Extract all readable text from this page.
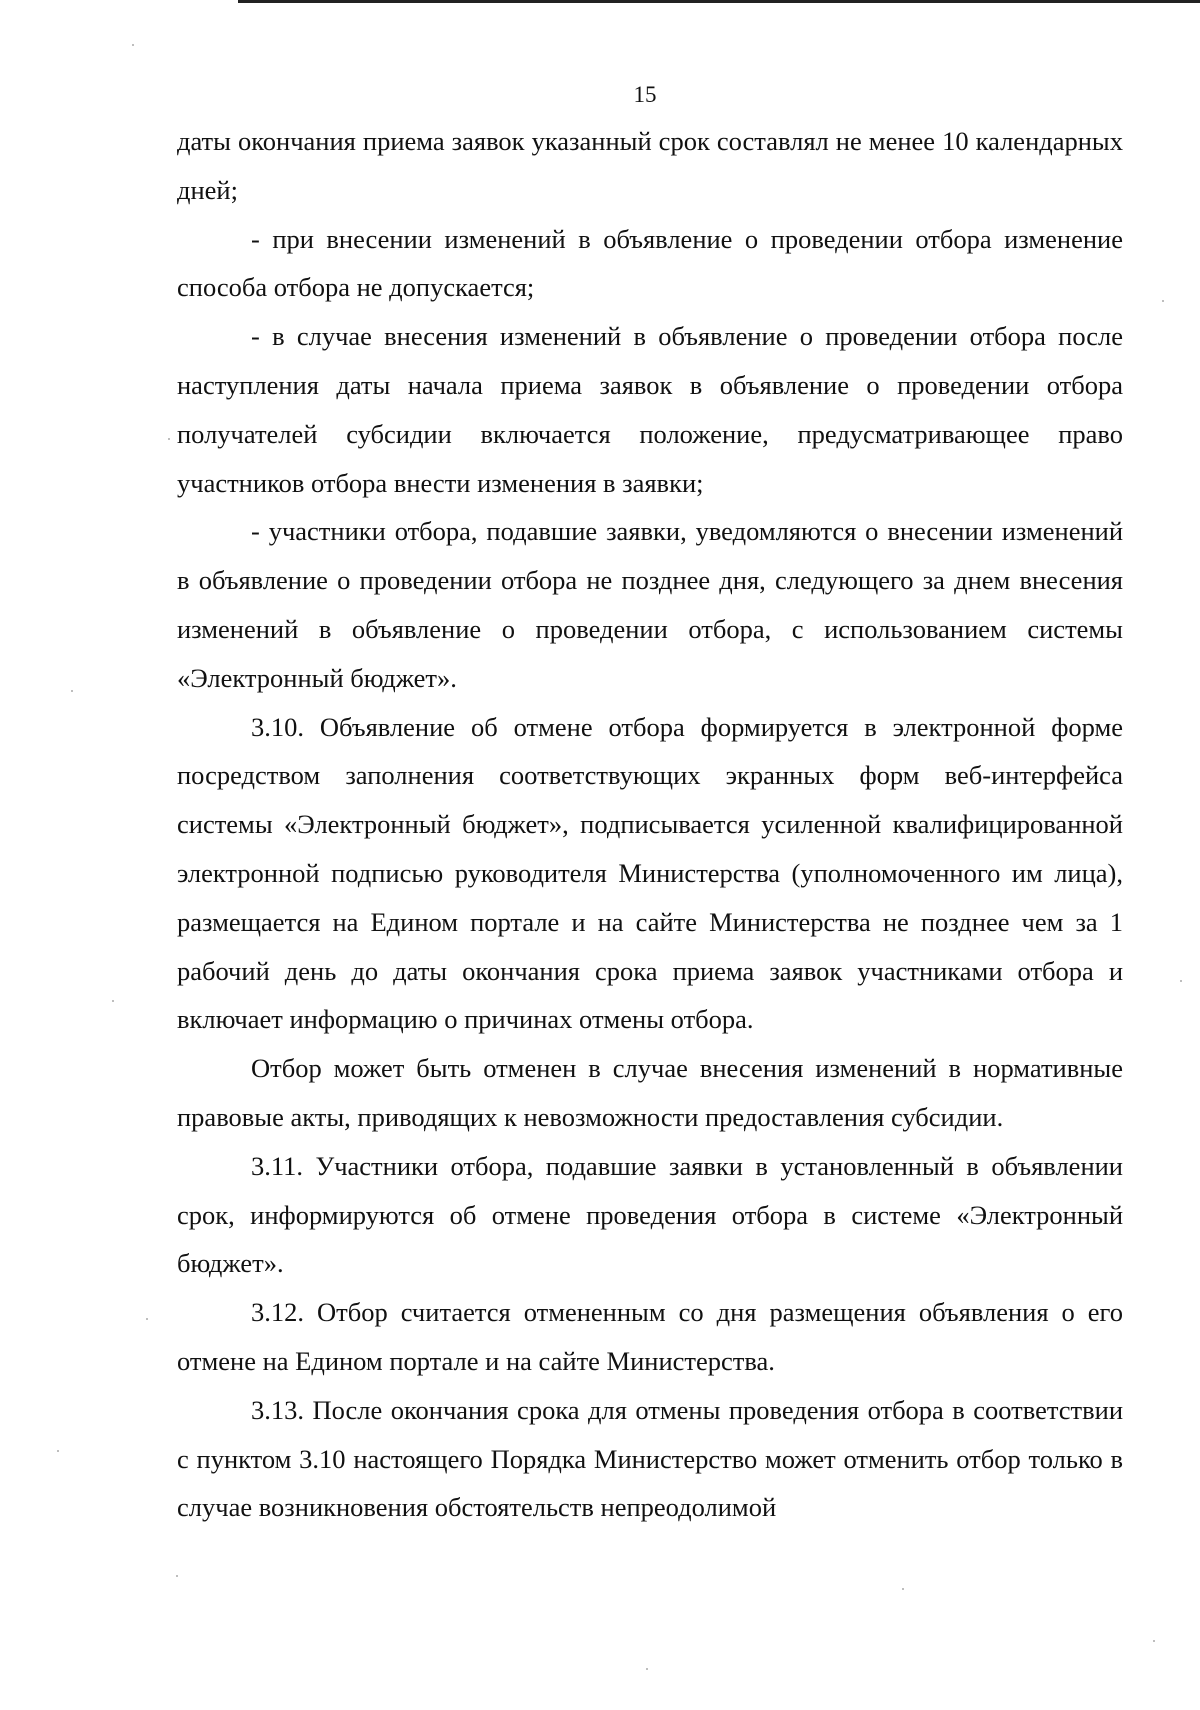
15

даты окончания приема заявок указанный срок составлял не менее 10 календарных дней;

- при внесении изменений в объявление о проведении отбора изменение способа отбора не допускается;

- в случае внесения изменений в объявление о проведении отбора после наступления даты начала приема заявок в объявление о проведении отбора получателей субсидии включается положение, предусматривающее право участников отбора внести изменения в заявки;

- участники отбора, подавшие заявки, уведомляются о внесении изменений в объявление о проведении отбора не позднее дня, следующего за днем внесения изменений в объявление о проведении отбора, с использованием системы «Электронный бюджет».

3.10. Объявление об отмене отбора формируется в электронной форме посредством заполнения соответствующих экранных форм веб-интерфейса системы «Электронный бюджет», подписывается усиленной квалифицированной электронной подписью руководителя Министерства (уполномоченного им лица), размещается на Едином портале и на сайте Министерства не позднее чем за 1 рабочий день до даты окончания срока приема заявок участниками отбора и включает информацию о причинах отмены отбора.

Отбор может быть отменен в случае внесения изменений в нормативные правовые акты, приводящих к невозможности предоставления субсидии.

3.11. Участники отбора, подавшие заявки в установленный в объявлении срок, информируются об отмене проведения отбора в системе «Электронный бюджет».

3.12. Отбор считается отмененным со дня размещения объявления о его отмене на Едином портале и на сайте Министерства.

3.13. После окончания срока для отмены проведения отбора в соответствии с пунктом 3.10 настоящего Порядка Министерство может отменить отбор только в случае возникновения обстоятельств непреодолимой
